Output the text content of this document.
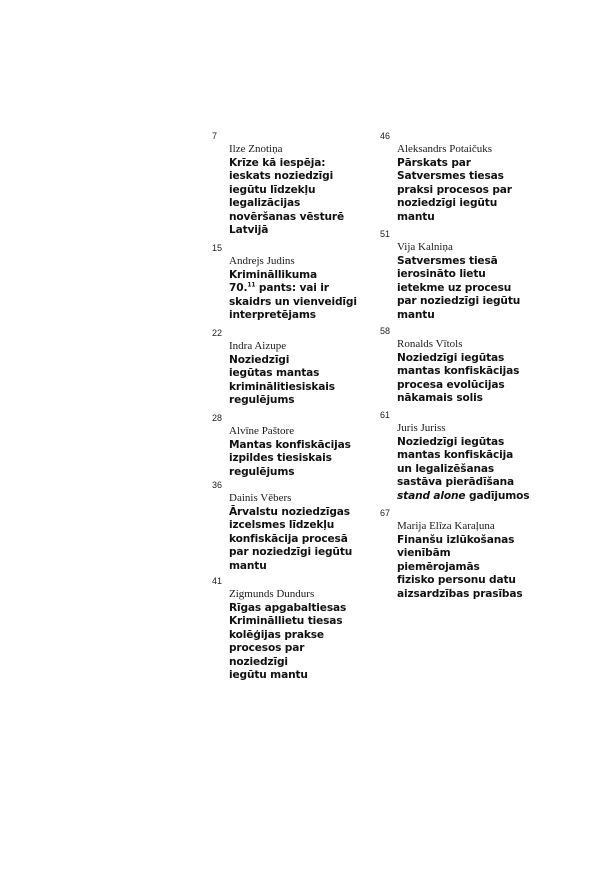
7

Ilze Znotiņa

Krīze kā iespēja:
ieskats noziedzīgi
iegūtu līdzekļu
legalizācijas
novēršanas vēsturē
Latvijā

15

Andrejs Judins

Krimināllikuma
70.11 pants: vai ir
skaidrs un vienveidīgi
interpretējams

22

Indra Aizupe

Noziedzīgi
iegūtas mantas
kriminālitiesiskais
regulējums

28

Alvīne Paštore

Mantas konfiskācijas
izpildes tiesiskais
regulējums

36

Dainis Vēbers

Ārvalstu noziedzīgas
izcelsmes līdzekļu
konfiskācija procesā
par noziedzīgi iegūtu
mantu

41

Zigmunds Dundurs

Rīgas apgabaltiesas
Krimināllietu tiesas
kolēģijas prakse
procesos par noziedzīgi
iegūtu mantu

46

Aleksandrs Potaičuks

Pārskats par
Satversmes tiesas
praksi procesos par
noziedzīgi iegūtu
mantu

51

Vija Kalniņa

Satversmes tiesā
ierosināto lietu
ietekme uz procesu
par noziedzīgi iegūtu
mantu

58

Ronalds Vītols

Noziedzīgi iegūtas
mantas konfiskācijas
procesa evolūcijas
nākamais solis

61

Juris Juriss

Noziedzīgi iegūtas
mantas konfiskācija
un legalizēšanas
sastāva pierādīšana
stand alone gadījumos

67

Marija Elīza Karaļuna

Finanšu izlūkošanas
vienībām
piemērojamās
fizisko personu datu
aizsardzības prasības
